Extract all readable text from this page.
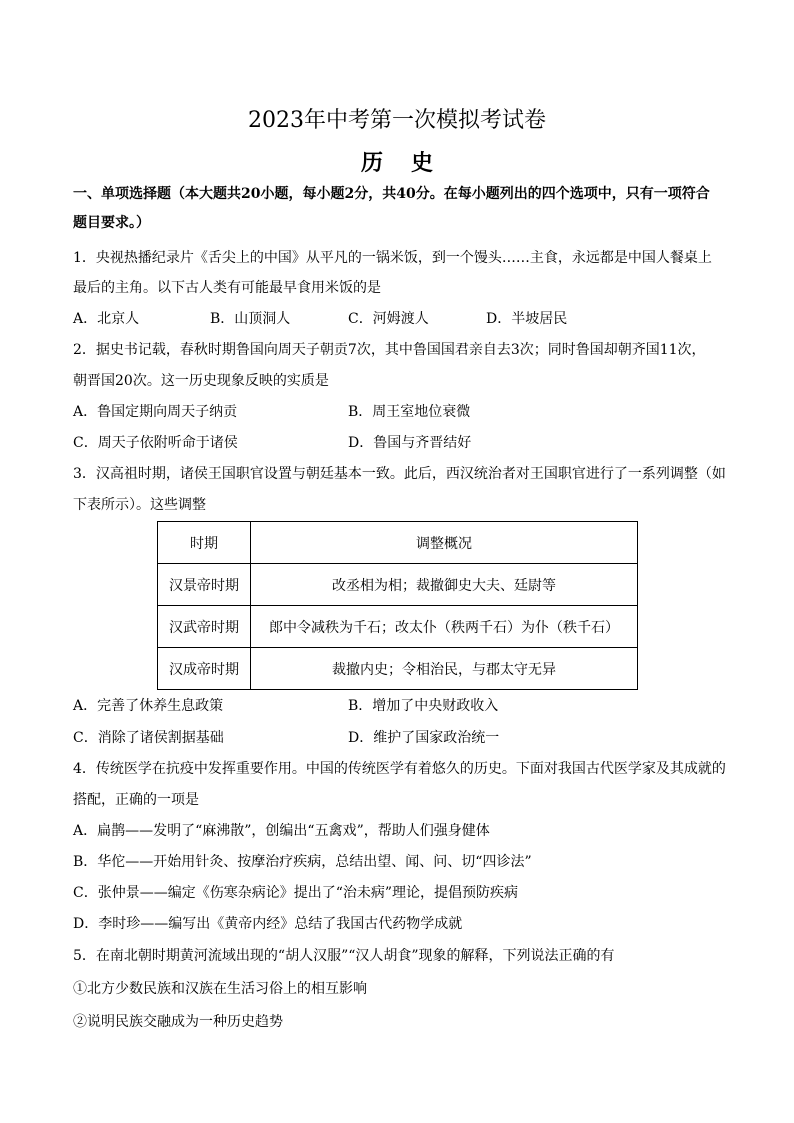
2023年中考第一次模拟考试卷
历史
一、单项选择题（本大题共20小题，每小题2分，共40分。在每小题列出的四个选项中，只有一项符合
题目要求。）
1．央视热播纪录片《舌尖上的中国》从平凡的一锅米饭，到一个馒头……主食，永远都是中国人餐桌上
最后的主角。以下古人类有可能最早食用米饭的是
A．北京人	B．山顶洞人	C．河姆渡人	D．半坡居民
2．据史书记载，春秋时期鲁国向周天子朝贡7次，其中鲁国国君亲自去3次；同时鲁国却朝齐国11次，
朝晋国20次。这一历史现象反映的实质是
A．鲁国定期向周天子纳贡	B．周王室地位衰微
C．周天子依附听命于诸侯	D．鲁国与齐晋结好
3．汉高祖时期，诸侯王国职官设置与朝廷基本一致。此后，西汉统治者对王国职官进行了一系列调整（如
下表所示）。这些调整
时期	调整概况
汉景帝时期	改丞相为相；裁撤御史大夫、廷尉等
汉武帝时期	郎中令减秩为千石；改太仆（秩两千石）为仆（秩千石）
汉成帝时期	裁撤内史；令相治民，与郡太守无异
A．完善了休养生息政策	B．增加了中央财政收入
C．消除了诸侯割据基础	D．维护了国家政治统一
4．传统医学在抗疫中发挥重要作用。中国的传统医学有着悠久的历史。下面对我国古代医学家及其成就的
搭配，正确的一项是
A．扁鹊——发明了“麻沸散”，创编出“五禽戏”，帮助人们强身健体
B．华佗——开始用针灸、按摩治疗疾病，总结出望、闻、问、切“四诊法”
C．张仲景——编定《伤寒杂病论》提出了“治未病”理论，提倡预防疾病
D．李时珍——编写出《黄帝内经》总结了我国古代药物学成就
5．在南北朝时期黄河流域出现的“胡人汉服”“汉人胡食”现象的解释，下列说法正确的有
①北方少数民族和汉族在生活习俗上的相互影响
②说明民族交融成为一种历史趋势
